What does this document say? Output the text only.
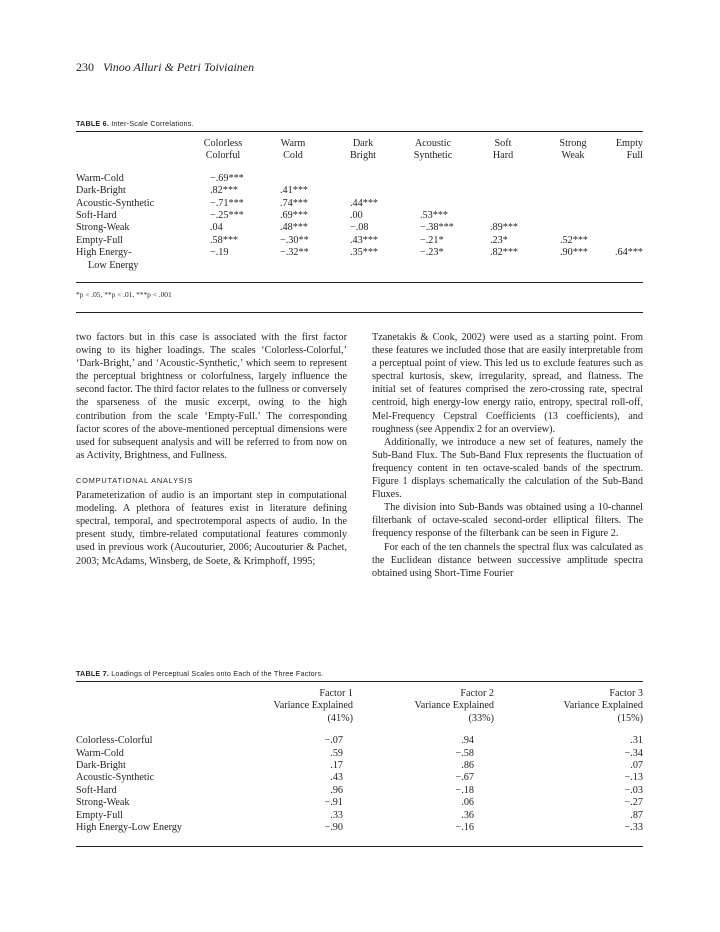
230 Vinoo Alluri & Petri Toiviainen
TABLE 6. Inter-Scale Correlations.
	Colorless
Colorful	Warm
Cold	Dark
Bright	Acoustic
Synthetic	Soft
Hard	Strong
Weak	Empty
Full

Warm-Cold	−.69***						
Dark-Bright	.82***	.41***					
Acoustic-Synthetic	−.71***	.74***	.44***				
Soft-Hard	−.25***	.69***	.00	.53***			
Strong-Weak	.04	.48***	−.08	−.38***	.89***		
Empty-Full	.58***	−.30**	.43***	−.21*	.23*	.52***	
High Energy-
Low Energy	−.19	−.32**	.35***	−.23*	.82***	.90***	.64***
*p < .05, **p < .01, ***p < .001

two factors but in this case is associated with the first factor owing to its higher loadings. The scales ‘Colorless-Colorful,’ ‘Dark-Bright,’ and ‘Acoustic-Synthetic,’ which seem to represent the perceptual brightness or colorfulness, largely influence the second factor. The third factor relates to the fullness or conversely the sparseness of the music excerpt, owing to the high contribution from the scale ‘Empty-Full.’ The corresponding factor scores of the above-mentioned perceptual dimensions were used for subsequent analysis and will be referred to from now on as Activity, Brightness, and Fullness.

COMPUTATIONAL ANALYSIS

Parameterization of audio is an important step in computational modeling. A plethora of features exist in literature defining spectral, temporal, and spectrotemporal aspects of audio. In the present study, timbre-related computational features commonly used in previous work (Aucouturier, 2006; Aucouturier & Pachet, 2003; McAdams, Winsberg, de Soete, & Krimphoff, 1995;

Tzanetakis & Cook, 2002) were used as a starting point. From these features we included those that are easily interpretable from a perceptual point of view. This led us to exclude features such as spectral kurtosis, skew, irregularity, spread, and flatness. The initial set of features comprised the zero-crossing rate, spectral centroid, high energy-low energy ratio, entropy, spectral roll-off, Mel-Frequency Cepstral Coefficients (13 coefficients), and roughness (see Appendix 2 for an overview).

Additionally, we introduce a new set of features, namely the Sub-Band Flux. The Sub-Band Flux represents the fluctuation of frequency content in ten octave-scaled bands of the spectrum. Figure 1 displays schematically the calculation of the Sub-Band Fluxes.

The division into Sub-Bands was obtained using a 10-channel filterbank of octave-scaled second-order elliptical filters. The frequency response of the filterbank can be seen in Figure 2.

For each of the ten channels the spectral flux was calculated as the Euclidean distance between successive amplitude spectra obtained using Short-Time Fourier

TABLE 7. Loadings of Perceptual Scales onto Each of the Three Factors.
	Factor 1
Variance Explained
(41%)	Factor 2
Variance Explained
(33%)	Factor 3
Variance Explained
(15%)

Colorless-Colorful	−.07	.94	.31
Warm-Cold	.59	−.58	−.34
Dark-Bright	.17	.86	.07
Acoustic-Synthetic	.43	−.67	−.13
Soft-Hard	.96	−.18	−.03
Strong-Weak	−.91	.06	−.27
Empty-Full	.33	.36	.87
High Energy-Low Energy	−.90	−.16	−.33
